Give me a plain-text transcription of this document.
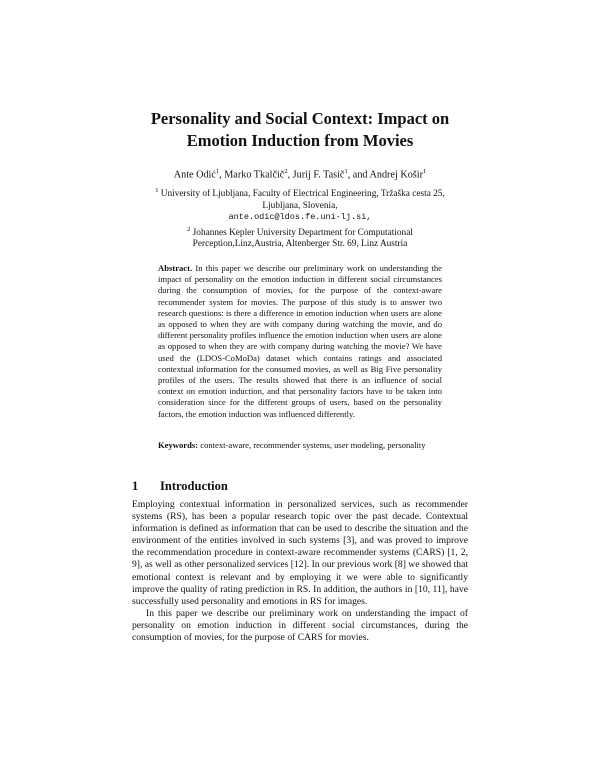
Personality and Social Context: Impact on
Emotion Induction from Movies
Ante Odić$^1$, Marko Tkalčič$^2$, Jurij F. Tasič$^1$, and Andrej Košir$^1$
$^1$ University of Ljubljana, Faculty of Electrical Engineering, Tržaška cesta 25,
Ljubljana, Slovenia,
ante.odic@ldos.fe.uni-lj.si,
$^2$ Johannes Kepler University Department for Computational
Perception,Linz,Austria, Altenberger Str. 69, Linz Austria
Abstract. In this paper we describe our preliminary work on understanding the impact of personality on the emotion induction in different social circumstances during the consumption of movies, for the purpose of the context-aware recommender system for movies. The purpose of this study is to answer two research questions: is there a difference in emotion induction when users are alone as opposed to when they are with company during watching the movie, and do different personality profiles influence the emotion induction when users are alone as opposed to when they are with company during watching the movie? We have used the (LDOS-CoMoDa) dataset which contains ratings and associated contextual information for the consumed movies, as well as Big Five personality profiles of the users. The results showed that there is an influence of social context on emotion induction, and that personality factors have to be taken into consideration since for the different groups of users, based on the personality factors, the emotion induction was influenced differently.
Keywords: context-aware, recommender systems, user modeling, personality
1 Introduction

Employing contextual information in personalized services, such as recommender systems (RS), has been a popular research topic over the past decade. Contextual information is defined as information that can be used to describe the situation and the environment of the entities involved in such systems [3], and was proved to improve the recommendation procedure in context-aware recommender systems (CARS) [1, 2, 9], as well as other personalized services [12]. In our previous work [8] we showed that emotional context is relevant and by employing it we were able to significantly improve the quality of rating prediction in RS. In addition, the authors in [10, 11], have successfully used personality and emotions in RS for images.

In this paper we describe our preliminary work on understanding the impact of personality on emotion induction in different social circumstances, during the consumption of movies, for the purpose of CARS for movies.
